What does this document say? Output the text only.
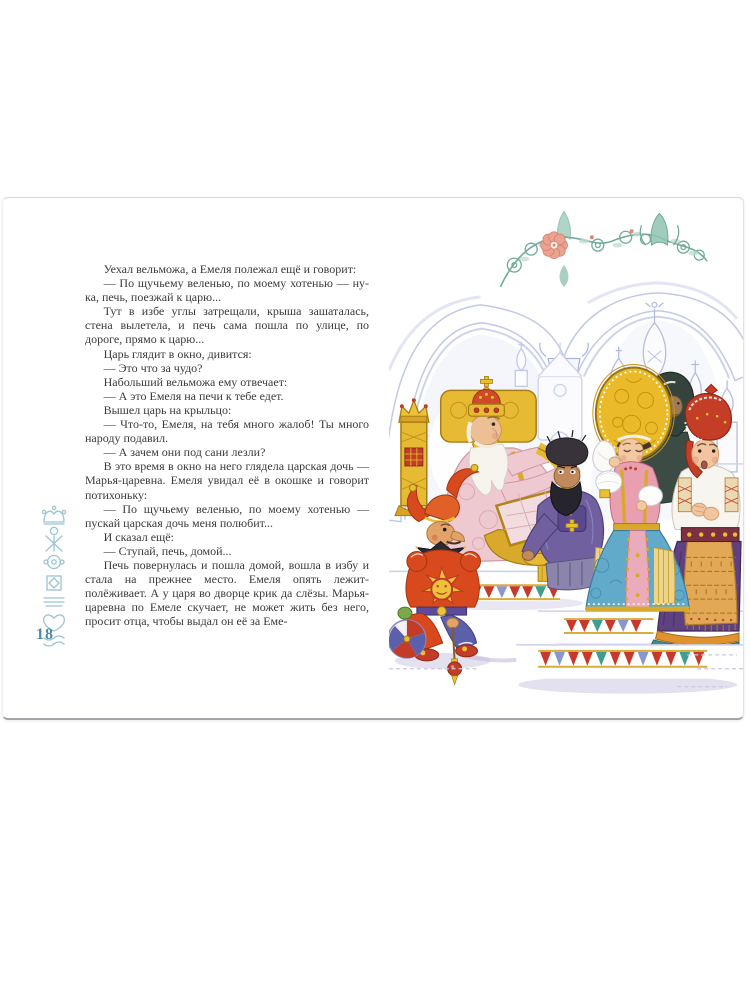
18

Уехал вельможа, а Емеля полежал ещё и говорит:

— По щучьему веленью, по моему хотенью — ну-ка, печь, поезжай к царю...

Тут в избе углы затрещали, крыша зашаталась, стена вылетела, и печь сама пошла по улице, по дороге, прямо к царю...

Царь глядит в окно, дивится:

— Это что за чудо?

Набольший вельможа ему отвечает:

— А это Емеля на печи к тебе едет.

Вышел царь на крыльцо:

— Что-то, Емеля, на тебя много жалоб! Ты много народу подавил.

— А зачем они под сани лезли?

В это время в окно на него глядела царская дочь — Марья-царевна. Емеля увидал её в окошке и говорит потихоньку:

— По щучьему веленью, по моему хотенью — пускай царская дочь меня полюбит...

И сказал ещё:

— Ступай, печь, домой...

Печь повернулась и пошла домой, вошла в избу и стала на прежнее место. Емеля опять лежит-полёживает. А у царя во дворце крик да слёзы. Марья-царевна по Емеле скучает, не может жить без него, просит отца, чтобы выдал он её за Еме-
